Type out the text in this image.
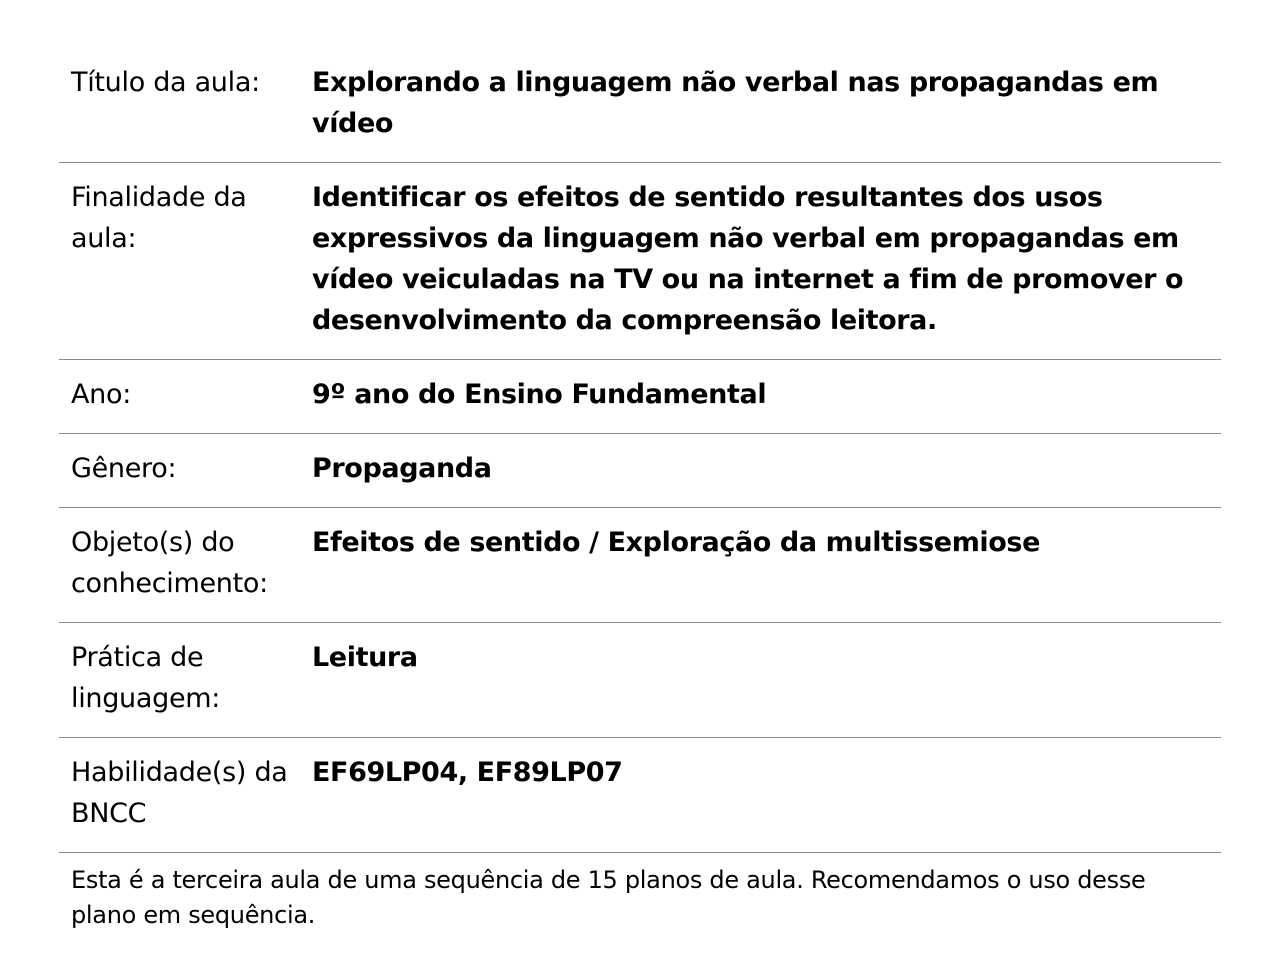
Título da aula:	Explorando a linguagem não verbal nas propagandas em vídeo
Finalidade da aula:	Identificar os efeitos de sentido resultantes dos usos expressivos da linguagem não verbal em propagandas em vídeo veiculadas na TV ou na internet a fim de promover o desenvolvimento da compreensão leitora.
Ano:	9º ano do Ensino Fundamental
Gênero:	Propaganda
Objeto(s) do conhecimento:	Efeitos de sentido / Exploração da multissemiose
Prática de linguagem:	Leitura
Habilidade(s) da BNCC	EF69LP04, EF89LP07
Esta é a terceira aula de uma sequência de 15 planos de aula. Recomendamos o uso desse plano em sequência.
